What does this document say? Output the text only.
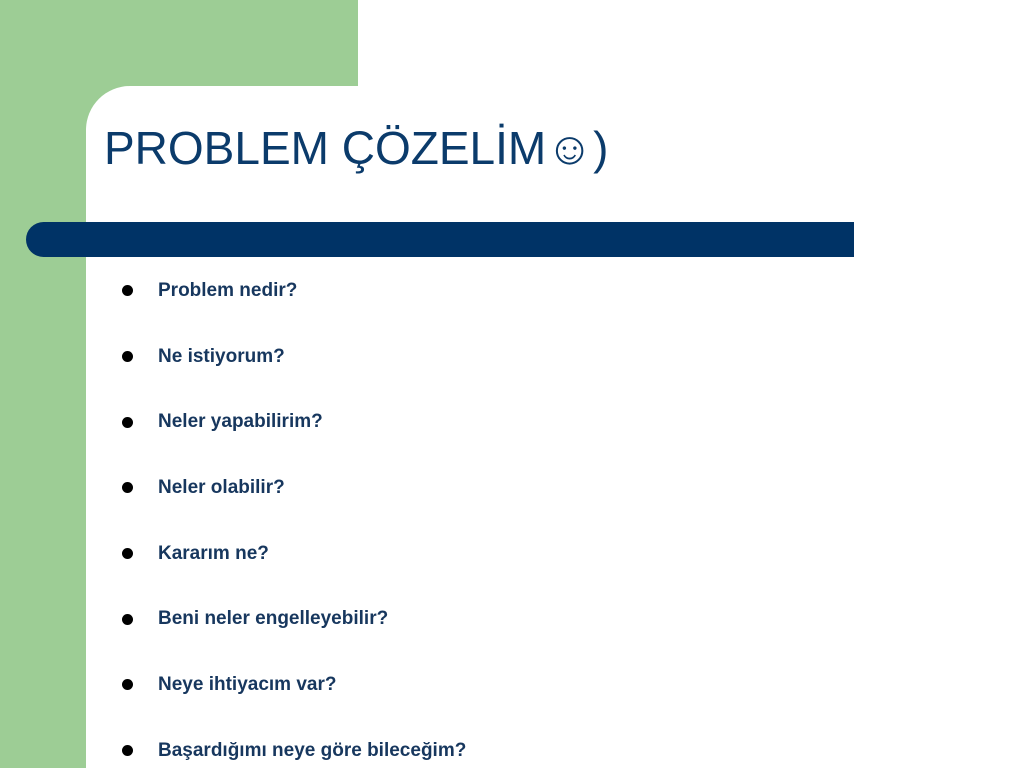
PROBLEM ÇÖZELİM☺)
Problem nedir?
Ne istiyorum?
Neler yapabilirim?
Neler olabilir?
Kararım ne?
Beni neler engelleyebilir?
Neye ihtiyacım var?
Başardığımı neye göre bileceğim?
